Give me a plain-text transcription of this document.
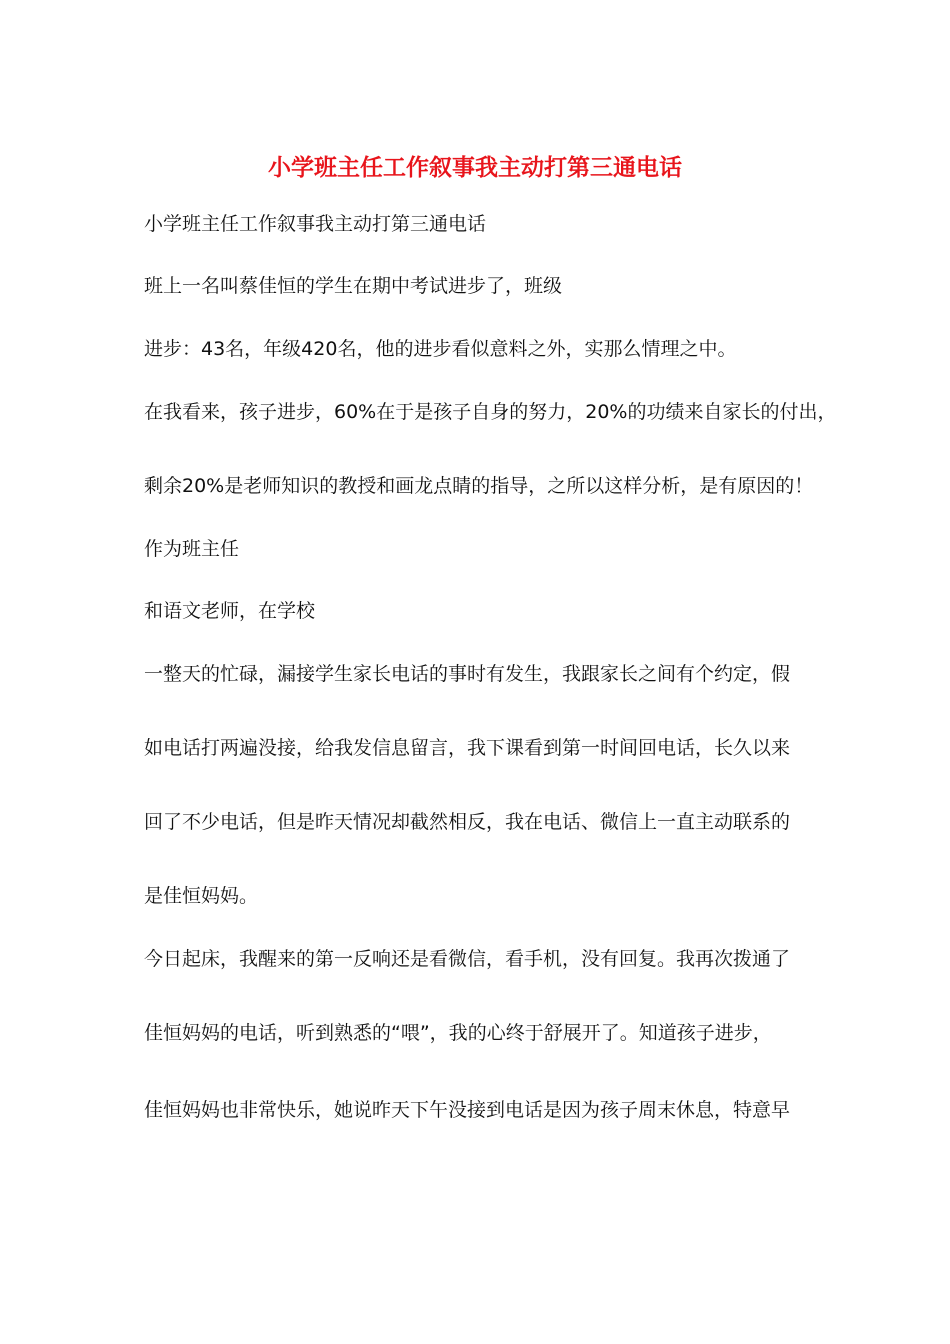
小学班主任工作叙事我主动打第三通电话
小学班主任工作叙事我主动打第三通电话
班上一名叫蔡佳恒的学生在期中考试进步了，班级
进步：43名，年级420名，他的进步看似意料之外，实那么情理之中。
在我看来，孩子进步，60%在于是孩子自身的努力，20%的功绩来自家长的付出，
剩余20%是老师知识的教授和画龙点睛的指导，之所以这样分析，是有原因的！
作为班主任
和语文老师，在学校
一整天的忙碌，漏接学生家长电话的事时有发生，我跟家长之间有个约定，假
如电话打两遍没接，给我发信息留言，我下课看到第一时间回电话，长久以来
回了不少电话，但是昨天情况却截然相反，我在电话、微信上一直主动联系的
是佳恒妈妈。
今日起床，我醒来的第一反响还是看微信，看手机，没有回复。我再次拨通了
佳恒妈妈的电话，听到熟悉的“喂”，我的心终于舒展开了。知道孩子进步，
佳恒妈妈也非常快乐，她说昨天下午没接到电话是因为孩子周末休息，特意早
